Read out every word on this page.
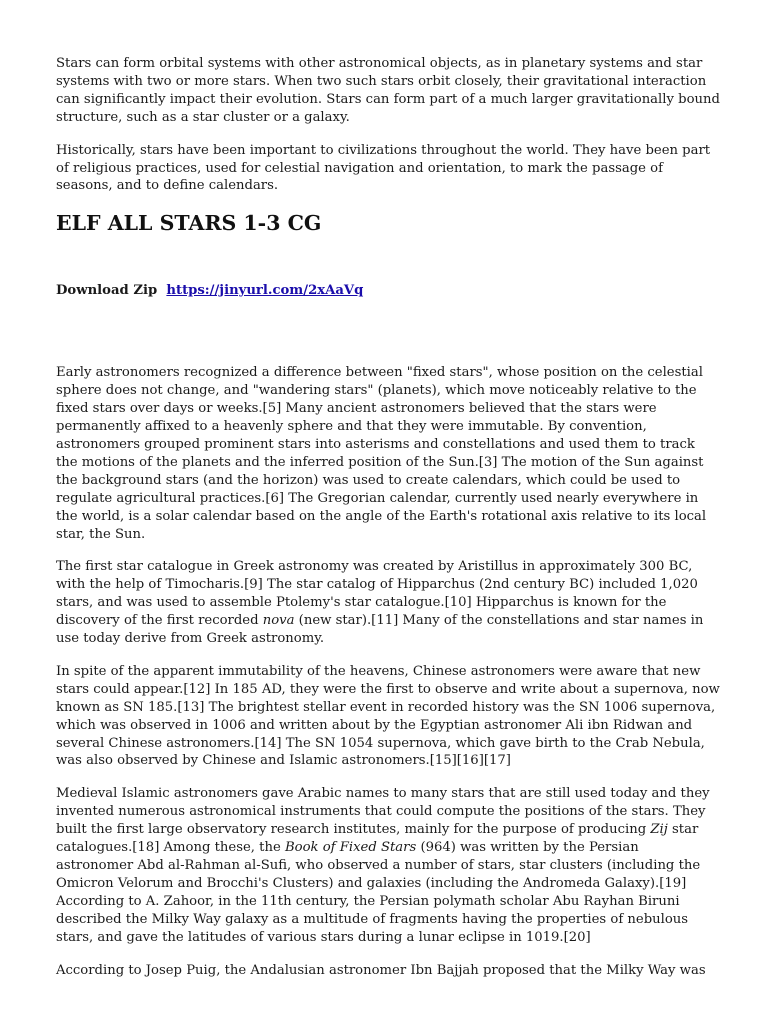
Stars can form orbital systems with other astronomical objects, as in planetary systems and star systems with two or more stars. When two such stars orbit closely, their gravitational interaction can significantly impact their evolution. Stars can form part of a much larger gravitationally bound structure, such as a star cluster or a galaxy.

Historically, stars have been important to civilizations throughout the world. They have been part of religious practices, used for celestial navigation and orientation, to mark the passage of seasons, and to define calendars.

ELF ALL STARS 1-3 CG
Download Zip https://jinyurl.com/2xAaVq

Early astronomers recognized a difference between "fixed stars", whose position on the celestial sphere does not change, and "wandering stars" (planets), which move noticeably relative to the fixed stars over days or weeks.[5] Many ancient astronomers believed that the stars were permanently affixed to a heavenly sphere and that they were immutable. By convention, astronomers grouped prominent stars into asterisms and constellations and used them to track the motions of the planets and the inferred position of the Sun.[3] The motion of the Sun against the background stars (and the horizon) was used to create calendars, which could be used to regulate agricultural practices.[6] The Gregorian calendar, currently used nearly everywhere in the world, is a solar calendar based on the angle of the Earth's rotational axis relative to its local star, the Sun.

The first star catalogue in Greek astronomy was created by Aristillus in approximately 300 BC, with the help of Timocharis.[9] The star catalog of Hipparchus (2nd century BC) included 1,020 stars, and was used to assemble Ptolemy's star catalogue.[10] Hipparchus is known for the discovery of the first recorded nova (new star).[11] Many of the constellations and star names in use today derive from Greek astronomy.

In spite of the apparent immutability of the heavens, Chinese astronomers were aware that new stars could appear.[12] In 185 AD, they were the first to observe and write about a supernova, now known as SN 185.[13] The brightest stellar event in recorded history was the SN 1006 supernova, which was observed in 1006 and written about by the Egyptian astronomer Ali ibn Ridwan and several Chinese astronomers.[14] The SN 1054 supernova, which gave birth to the Crab Nebula, was also observed by Chinese and Islamic astronomers.[15][16][17]

Medieval Islamic astronomers gave Arabic names to many stars that are still used today and they invented numerous astronomical instruments that could compute the positions of the stars. They built the first large observatory research institutes, mainly for the purpose of producing Zij star catalogues.[18] Among these, the Book of Fixed Stars (964) was written by the Persian astronomer Abd al-Rahman al-Sufi, who observed a number of stars, star clusters (including the Omicron Velorum and Brocchi's Clusters) and galaxies (including the Andromeda Galaxy).[19] According to A. Zahoor, in the 11th century, the Persian polymath scholar Abu Rayhan Biruni described the Milky Way galaxy as a multitude of fragments having the properties of nebulous stars, and gave the latitudes of various stars during a lunar eclipse in 1019.[20]

According to Josep Puig, the Andalusian astronomer Ibn Bajjah proposed that the Milky Way was
